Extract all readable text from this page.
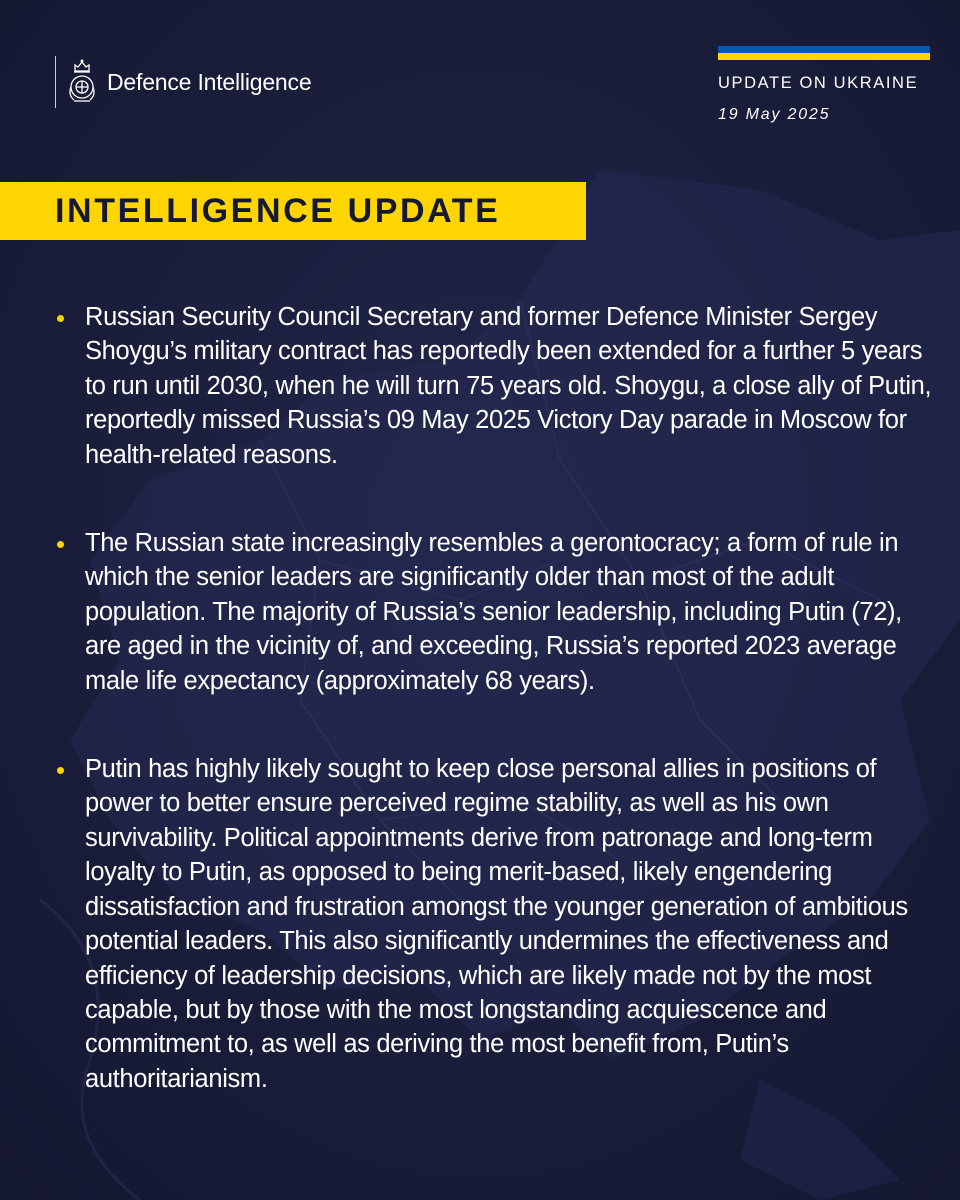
Defence Intelligence	UPDATE ON UKRAINE
19 May 2025
INTELLIGENCE UPDATE
Russian Security Council Secretary and former Defence Minister Sergey Shoygu’s military contract has reportedly been extended for a further 5 years to run until 2030, when he will turn 75 years old. Shoygu, a close ally of Putin, reportedly missed Russia’s 09 May 2025 Victory Day parade in Moscow for health-related reasons.
The Russian state increasingly resembles a gerontocracy; a form of rule in which the senior leaders are significantly older than most of the adult population. The majority of Russia’s senior leadership, including Putin (72), are aged in the vicinity of, and exceeding, Russia’s reported 2023 average male life expectancy (approximately 68 years).
Putin has highly likely sought to keep close personal allies in positions of power to better ensure perceived regime stability, as well as his own survivability. Political appointments derive from patronage and long-term loyalty to Putin, as opposed to being merit-based, likely engendering dissatisfaction and frustration amongst the younger generation of ambitious potential leaders. This also significantly undermines the effectiveness and efficiency of leadership decisions, which are likely made not by the most capable, but by those with the most longstanding acquiescence and commitment to, as well as deriving the most benefit from, Putin’s authoritarianism.
